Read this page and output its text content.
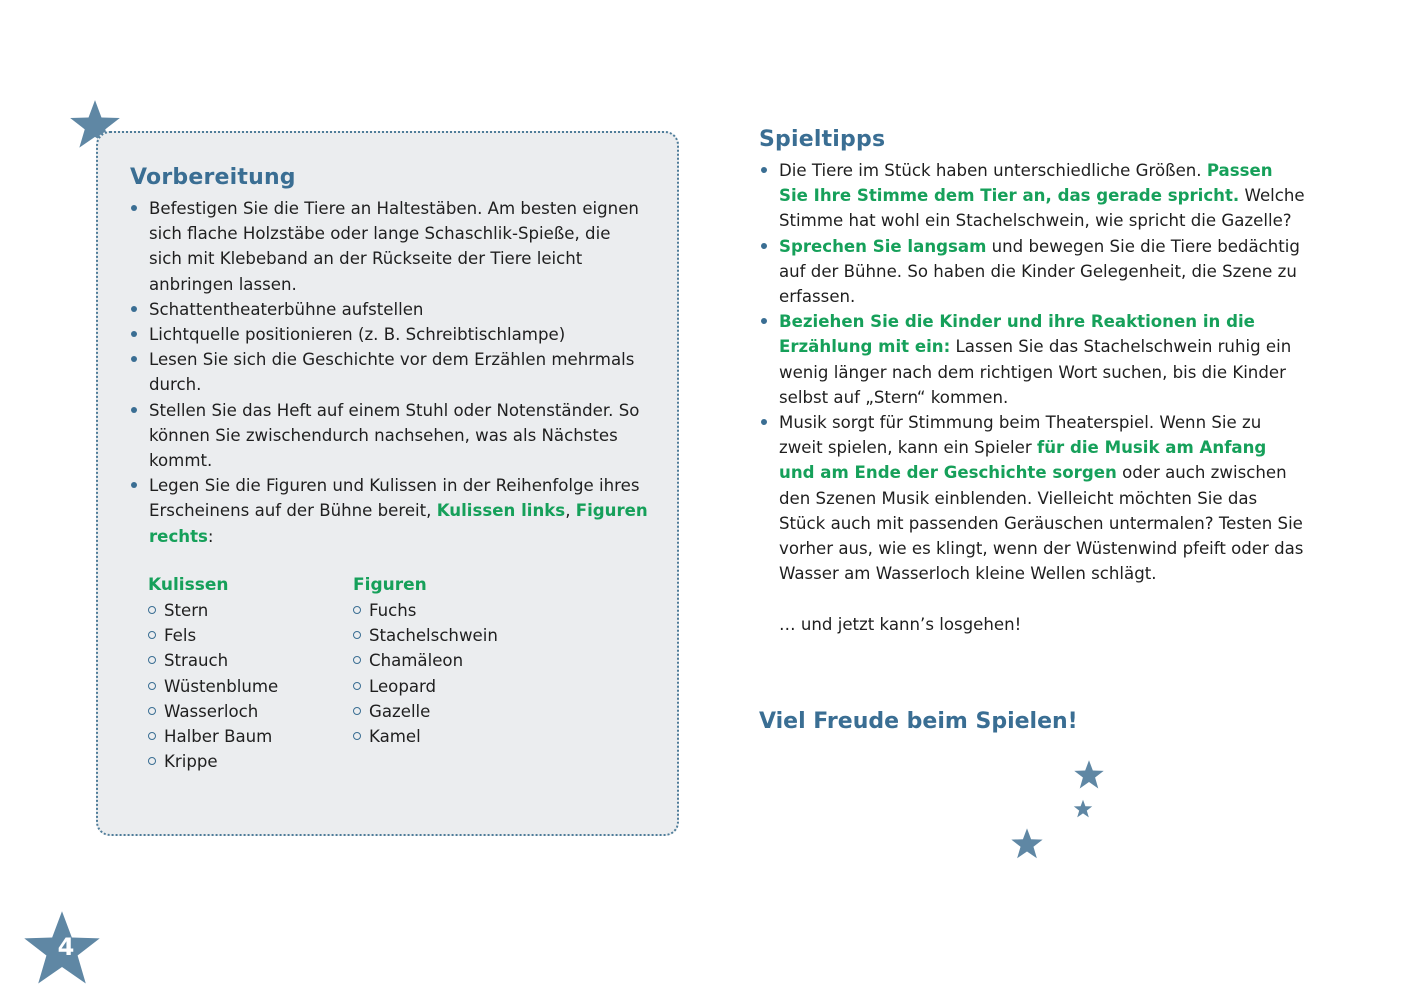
4
Vorbereitung
Befestigen Sie die Tiere an Haltestäben. Am besten eignen sich flache Holzstäbe oder lange Schaschlik-Spieße, die sich mit Klebeband an der Rückseite der Tiere leicht anbringen lassen.
Schattentheaterbühne aufstellen
Lichtquelle positionieren (z. B. Schreibtischlampe)
Lesen Sie sich die Geschichte vor dem Erzählen mehrmals durch.
Stellen Sie das Heft auf einem Stuhl oder Notenständer. So können Sie zwischendurch nachsehen, was als Nächstes kommt.
Legen Sie die Figuren und Kulissen in der Reihenfolge ihres Erscheinens auf der Bühne bereit, Kulissen links, Figuren rechts:
Kulissen
Stern
Fels
Strauch
Wüstenblume
Wasserloch
Halber Baum
Krippe
Figuren
Fuchs
Stachelschwein
Chamäleon
Leopard
Gazelle
Kamel
Spieltipps
Die Tiere im Stück haben unterschiedliche Größen. Passen Sie Ihre Stimme dem Tier an, das gerade spricht. Welche Stimme hat wohl ein Stachelschwein, wie spricht die Gazelle?
Sprechen Sie langsam und bewegen Sie die Tiere bedächtig auf der Bühne. So haben die Kinder Gelegenheit, die Szene zu erfassen.
Beziehen Sie die Kinder und ihre Reaktionen in die Erzählung mit ein: Lassen Sie das Stachelschwein ruhig ein wenig länger nach dem richtigen Wort suchen, bis die Kinder selbst auf „Stern“ kommen.
Musik sorgt für Stimmung beim Theaterspiel. Wenn Sie zu zweit spielen, kann ein Spieler für die Musik am Anfang und am Ende der Geschichte sorgen oder auch zwischen den Szenen Musik einblenden. Vielleicht möchten Sie das Stück auch mit passenden Geräuschen untermalen? Testen Sie vorher aus, wie es klingt, wenn der Wüstenwind pfeift oder das Wasser am Wasserloch kleine Wellen schlägt.
… und jetzt kann’s losgehen!
Viel Freude beim Spielen!
